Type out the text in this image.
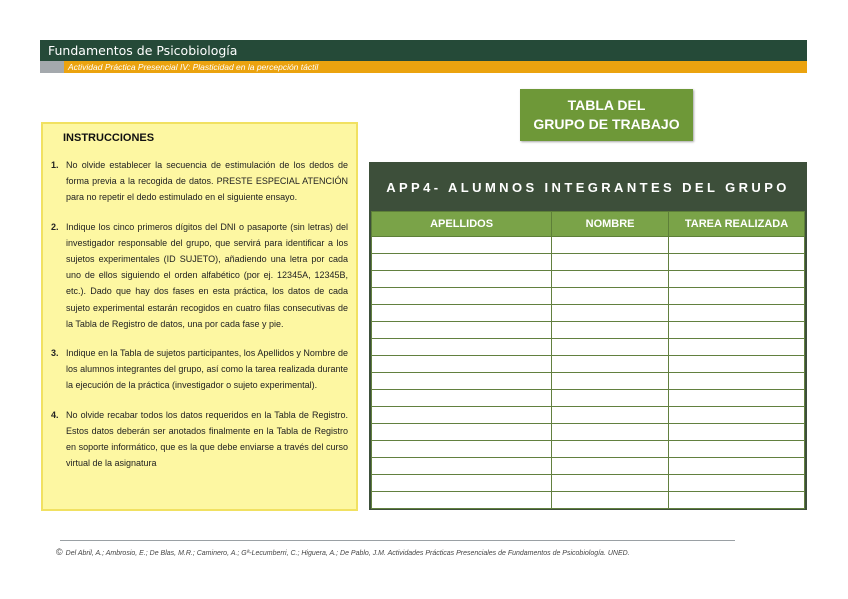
Fundamentos de Psicobiología
Actividad Práctica Presencial IV: Plasticidad en la percepción táctil
TABLA DEL
GRUPO DE TRABAJO
INSTRUCCIONES
1. No olvide establecer la secuencia de estimulación de los dedos de forma previa a la recogida de datos. PRESTE ESPECIAL ATENCIÓN para no repetir el dedo estimulado en el siguiente ensayo.
2. Indique los cinco primeros dígitos del DNI o pasaporte (sin letras) del investigador responsable del grupo, que servirá para identificar a los sujetos experimentales (ID SUJETO), añadiendo una letra por cada uno de ellos siguiendo el orden alfabético (por ej. 12345A, 12345B, etc.). Dado que hay dos fases en esta práctica, los datos de cada sujeto experimental estarán recogidos en cuatro filas consecutivas de la Tabla de Registro de datos, una por cada fase y pie.
3. Indique en la Tabla de sujetos participantes, los Apellidos y Nombre de los alumnos integrantes del grupo, así como la tarea realizada durante la ejecución de la práctica (investigador o sujeto experimental).
4. No olvide recabar todos los datos requeridos en la Tabla de Registro. Estos datos deberán ser anotados finalmente en la Tabla de Registro en soporte informático, que es la que debe enviarse a través del curso virtual de la asignatura
APP4- ALUMNOS INTEGRANTES DEL GRUPO
APELLIDOS	NOMBRE	TAREA REALIZADA

© Del Abril, A.; Ambrosio, E.; De Blas, M.R.; Caminero, A.; Gª-Lecumberri, C.; Higuera, A.; De Pablo, J.M. Actividades Prácticas Presenciales de Fundamentos de Psicobiología. UNED.
